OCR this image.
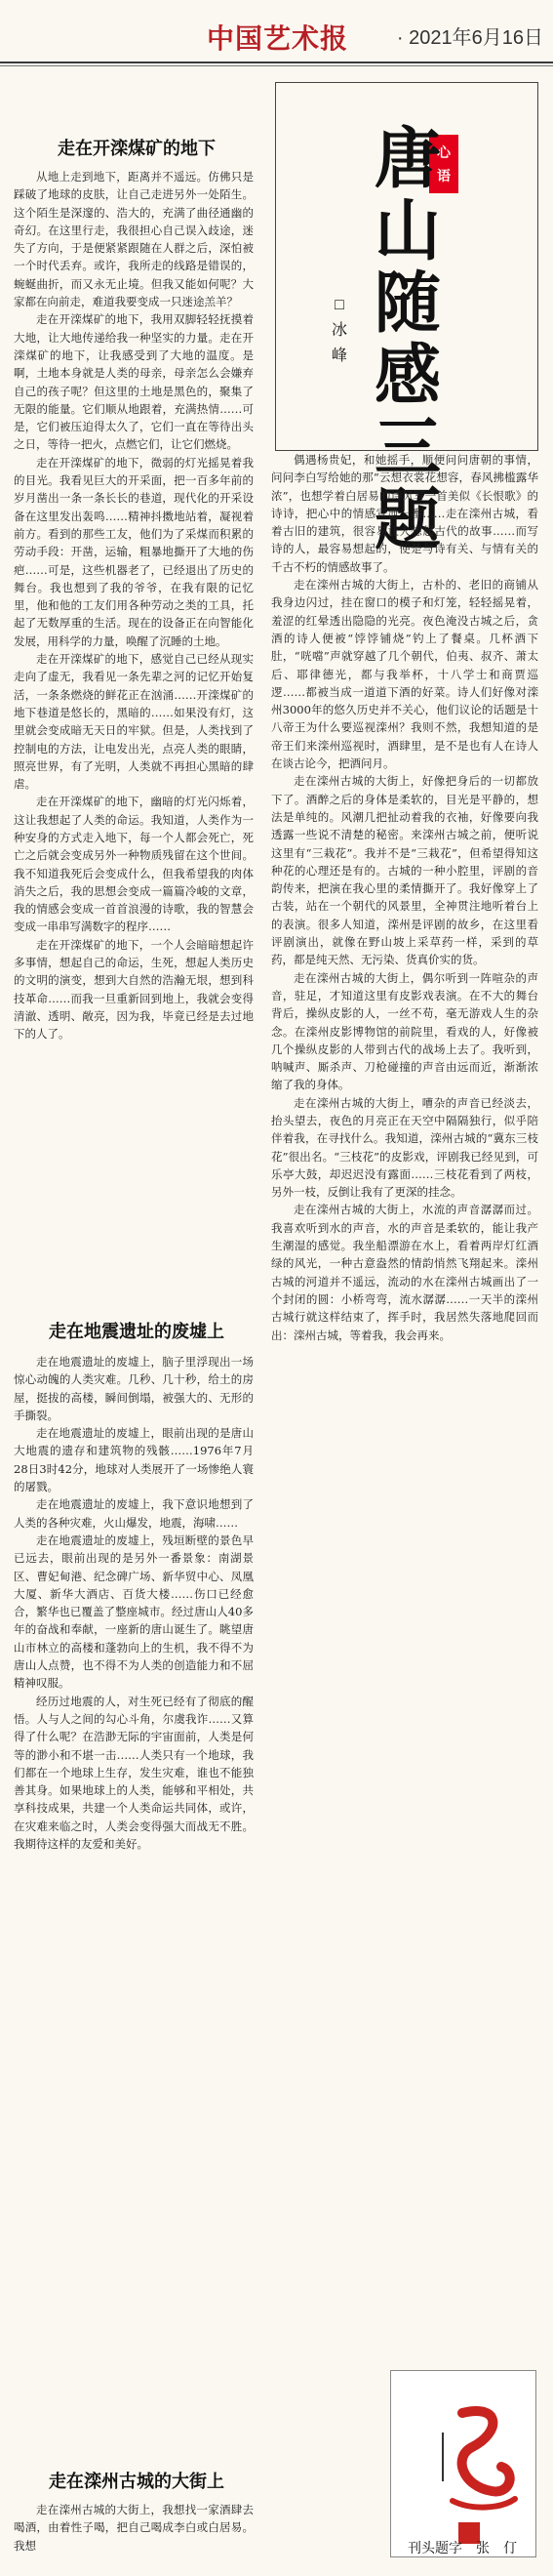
中国艺术报 · 2021年6月16日
走在开滦煤矿的地下

从地上走到地下，距离并不遥远。仿佛只是踩破了地球的皮肤，让自己走进另外一处陌生。这个陌生是深邃的、浩大的，充满了曲径通幽的奇幻。在这里行走，我很担心自己误入歧途，迷失了方向，于是便紧紧跟随在人群之后，深怕被一个时代丢弃。或许，我所走的线路是错误的，蜿蜒曲折，而又永无止境。但我又能如何呢？大家都在向前走，难道我要变成一只迷途羔羊？

走在开滦煤矿的地下，我用双脚轻轻抚摸着大地，让大地传递给我一种坚实的力量。走在开滦煤矿的地下，让我感受到了大地的温度。是啊，土地本身就是人类的母亲，母亲怎么会嫌弃自己的孩子呢？但这里的土地是黑色的，聚集了无限的能量。它们顺从地跟着，充满热情……可是，它们被压迫得太久了，它们一直在等待出头之日，等待一把火，点燃它们，让它们燃烧。

走在开滦煤矿的地下，微弱的灯光摇晃着我的目光。我看见巨大的开采面，把一百多年前的岁月凿出一条一条长长的巷道，现代化的开采设备在这里发出轰鸣……精神抖擞地站着，凝视着前方。看到的那些工友，他们为了采煤而积累的劳动手段：开凿，运输，粗暴地撕开了大地的伤疤……可是，这些机器老了，已经退出了历史的舞台。我也想到了我的爷爷，在我有限的记忆里，他和他的工友们用各种劳动之类的工具，托起了无数厚重的生活。现在的设备正在向智能化发展，用科学的力量，唤醒了沉睡的土地。

走在开滦煤矿的地下，感觉自己已经从现实走向了虚无，我看见一条先辈之河的记忆开始复活，一条条燃烧的鲜花正在汹涌……开滦煤矿的地下巷道是悠长的，黑暗的……如果没有灯，这里就会变成暗无天日的牢狱。但是，人类找到了控制电的方法，让电发出光，点亮人类的眼睛，照亮世界，有了光明，人类就不再担心黑暗的肆虐。

走在开滦煤矿的地下，幽暗的灯光闪烁着，这让我想起了人类的命运。我知道，人类作为一种安身的方式走入地下，每一个人都会死亡，死亡之后就会变成另外一种物质残留在这个世间。我不知道我死后会变成什么，但我希望我的肉体消失之后，我的思想会变成一篇篇冷峻的文章，我的情感会变成一首首浪漫的诗歌，我的智慧会变成一串串写满数字的程序……

走在开滦煤矿的地下，一个人会暗暗想起许多事情，想起自己的命运，生死，想起人类历史的文明的演变，想到大自然的浩瀚无垠，想到科技革命……而我一旦重新回到地上，我就会变得清澈、透明、敞亮，因为我，毕竟已经是去过地下的人了。

走在地震遗址的废墟上

走在地震遗址的废墟上，脑子里浮现出一场惊心动魄的人类灾难。几秒、几十秒，给土的房屋，挺拔的高楼，瞬间倒塌，被强大的、无形的手撕裂。

走在地震遗址的废墟上，眼前出现的是唐山大地震的遗存和建筑物的残骸……1976年7月28日3时42分，地球对人类展开了一场惨绝人寰的屠戮。

走在地震遗址的废墟上，我下意识地想到了人类的各种灾难，火山爆发，地震，海啸……

走在地震遗址的废墟上，残垣断壁的景色早已远去，眼前出现的是另外一番景象：南湖景区、曹妃甸港、纪念碑广场、新华贸中心、凤凰大厦、新华大酒店、百货大楼……伤口已经愈合，繁华也已覆盖了整座城市。经过唐山人40多年的奋战和奉献，一座新的唐山诞生了。眺望唐山市林立的高楼和蓬勃向上的生机，我不得不为唐山人点赞，也不得不为人类的创造能力和不屈精神叹服。

经历过地震的人，对生死已经有了彻底的醒悟。人与人之间的勾心斗角，尔虞我诈……又算得了什么呢？在浩渺无际的宇宙面前，人类是何等的渺小和不堪一击……人类只有一个地球，我们都在一个地球上生存，发生灾难，谁也不能独善其身。如果地球上的人类，能够和平相处，共享科技成果，共建一个人类命运共同体，或许，在灾难来临之时，人类会变得强大而战无不胜。我期待这样的友爱和美好。

走在滦州古城的大街上

走在滦州古城的大街上，我想找一家酒肆去喝酒，由着性子喝，把自己喝成李白或白居易。我想

心 语
唐山随感三题
□ 冰 峰

偶遇杨贵妃，和她摇手，顺便问问唐朝的事情，问问李白写给她的那“云想衣裳花想容，春风拂槛露华浓”，也想学着白居易的诗风写一首美似《长恨歌》的诗诗，把心中的情感宣泄一番……走在滦州古城，看着古旧的建筑，很容易让人想起古代的故事……而写诗的人，最容易想起的，便是与诗有关、与情有关的千古不朽的情感故事了。

走在滦州古城的大街上，古朴的、老旧的商铺从我身边闪过，挂在窗口的模子和灯笼，轻轻摇晃着，羞涩的红晕透出隐隐的光亮。夜色淹没古城之后，贪酒的诗人便被“饽饽铺烧”钓上了餐桌。几杯酒下肚，“咣噹”声就穿越了几个朝代，伯夷、叔齐、萧太后、耶律德光，都与我举杯，十八学士和商贾巡逻……都被当成一道道下酒的好菜。诗人们好像对滦州3000年的悠久历史并不关心，他们议论的话题是十八帝王为什么要巡视滦州？我则不然，我想知道的是帝王们来滦州巡视时，酒肆里，是不是也有人在诗人在谈古论今，把酒问月。

走在滦州古城的大街上，好像把身后的一切都放下了。酒醉之后的身体是柔软的，目光是平静的，想法是单纯的。风潮几把扯动着我的衣袖，好像要向我透露一些说不清楚的秘密。来滦州古城之前，便听说这里有“三栽花”。我并不是“三栽花”，但希望得知这种花的心理还是有的。古城的一种小腔里，评剧的音韵传来，把演在我心里的柔情撕开了。我好像穿上了古装，站在一个朝代的风景里，全神贯注地听着台上的表演。很多人知道，滦州是评剧的故乡，在这里看评剧演出，就像在野山坡上采草药一样，采到的草药，都是纯天然、无污染、货真价实的货。

走在滦州古城的大街上，偶尔听到一阵喧杂的声音，驻足，才知道这里有皮影戏表演。在不大的舞台背后，操纵皮影的人，一丝不苟，毫无游戏人生的杂念。在滦州皮影博物馆的前院里，看戏的人，好像被几个操纵皮影的人带到古代的战场上去了。我听到，呐喊声、厮杀声、刀枪碰撞的声音由远而近，渐渐浓缩了我的身体。

走在滦州古城的大街上，嘈杂的声音已经淡去，抬头望去，夜色的月亮正在天空中隔隔独行，似乎陪伴着我，在寻找什么。我知道，滦州古城的“冀东三枝花”很出名。“三枝花”的皮影戏，评剧我已经见到，可乐亭大鼓，却迟迟没有露面……三枝花看到了两枝，另外一枝，反倒让我有了更深的挂念。

走在滦州古城的大街上，水流的声音潺潺而过。我喜欢听到水的声音，水的声音是柔软的，能让我产生潮湿的感觉。我坐船漂游在水上，看着两岸灯红酒绿的风光，一种古意盎然的情韵悄然飞翔起来。滦州古城的河道并不遥远，流动的水在滦州古城画出了一个封闭的圆：小桥弯弯，流水潺潺……一天半的滦州古城行就这样结束了，挥手时，我居然失落地爬回而出：滦州古城，等着我，我会再来。

刊头题字　张　仃
